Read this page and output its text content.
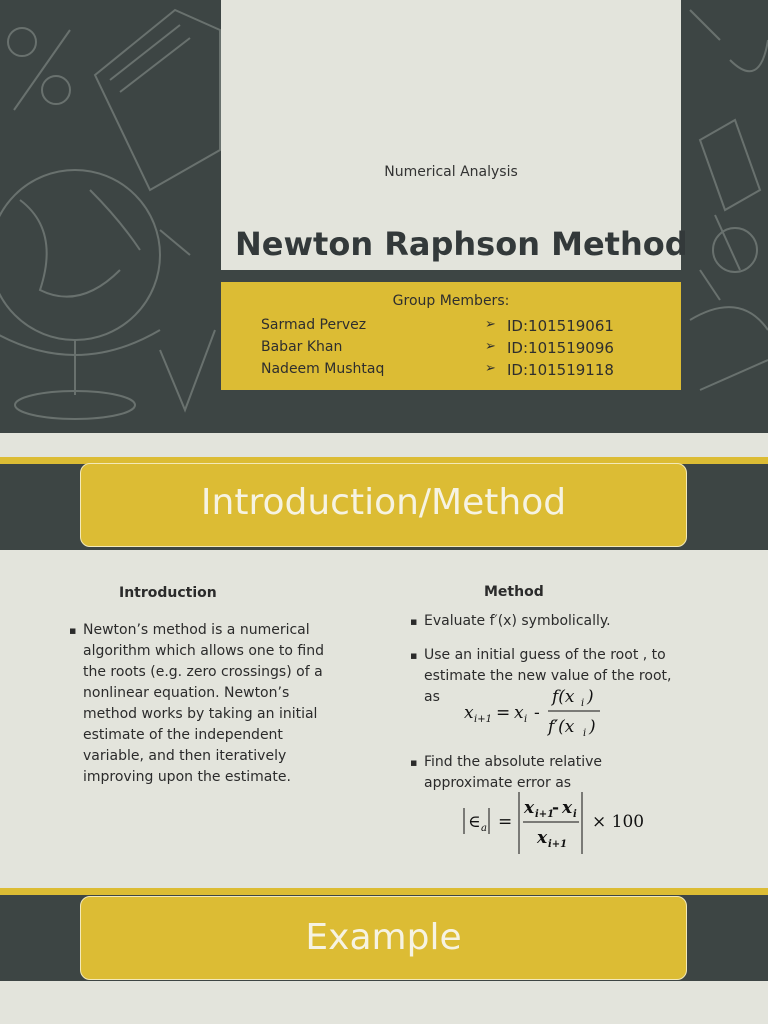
Numerical Analysis
Newton Raphson Method
Group Members:
Sarmad Pervez	➢ ID:101519061
Babar Khan	➢ ID:101519096
Nadeem Mushtaq	➢ ID:101519118
Introduction/Method
Introduction
▪ Newton’s method is a numerical algorithm which allows one to find the roots (e.g. zero crossings) of a nonlinear equation. Newton’s method works by taking an initial estimate of the independent variable, and then iteratively improving upon the estimate.
Method
▪ Evaluate f′(x) symbolically.
▪ Use an initial guess of the root , to estimate the new value of the root, as
x i+1 = x i -
f(x i )
f′(x i )
▪ Find the absolute relative approximate error as
∈ a =
x i+1
- x i
x i+1
× 100
Example
